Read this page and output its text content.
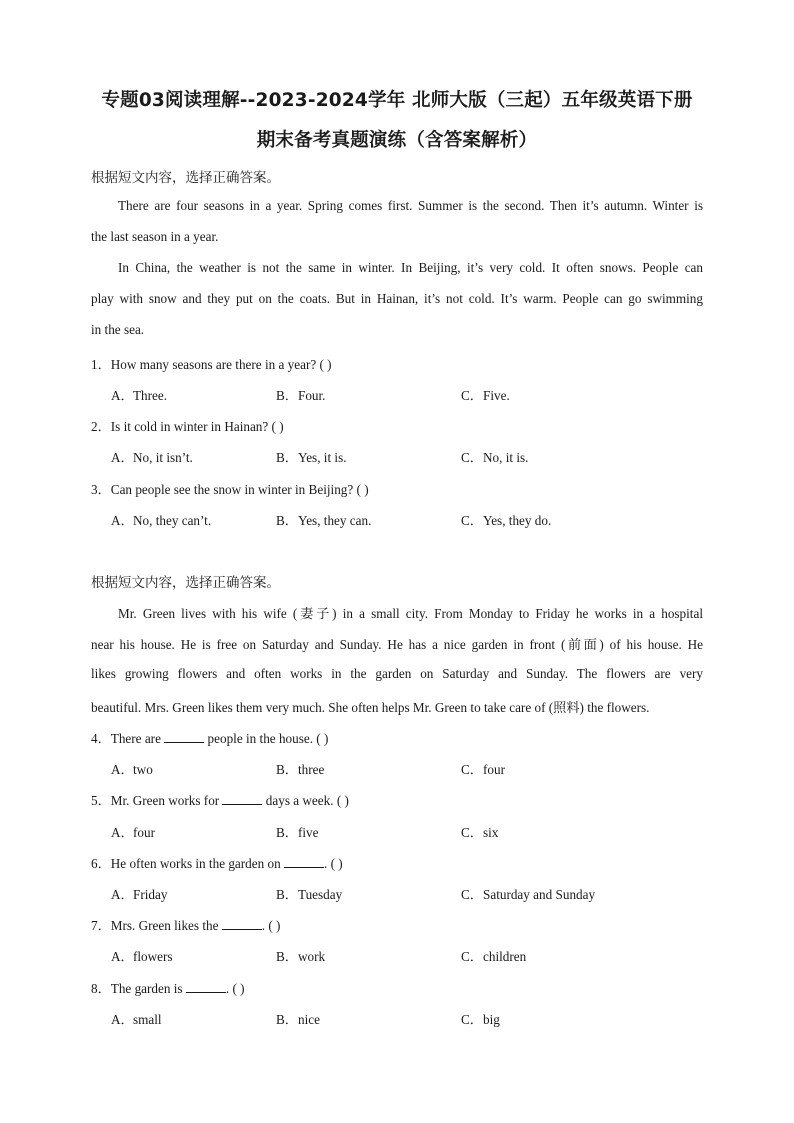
专题03阅读理解--2023-2024学年 北师大版（三起）五年级英语下册
期末备考真题演练（含答案解析）
根据短文内容，选择正确答案。
There are four seasons in a year. Spring comes first. Summer is the second. Then it’s autumn. Winter is
the last season in a year.
In China, the weather is not the same in winter. In Beijing, it’s very cold. It often snows. People can
play with snow and they put on the coats. But in Hainan, it’s not cold. It’s warm. People can go swimming
in the sea.
1．How many seasons are there in a year? ( )
A．Three.	B．Four.	C．Five.
2．Is it cold in winter in Hainan? ( )
A．No, it isn’t.	B．Yes, it is.	C．No, it is.
3．Can people see the snow in winter in Beijing? ( )
A．No, they can’t.	B．Yes, they can.	C．Yes, they do.
根据短文内容，选择正确答案。
Mr. Green lives with his wife (妻子) in a small city. From Monday to Friday he works in a hospital
near his house. He is free on Saturday and Sunday. He has a nice garden in front (前面) of his house. He
likes growing flowers and often works in the garden on Saturday and Sunday. The flowers are very
beautiful. Mrs. Green likes them very much. She often helps Mr. Green to take care of (照料) the flowers.
4．There are	people in the house. ( )
A．two	B．three	C．four
5．Mr. Green works for	days a week. ( )
A．four	B．five	C．six
6．He often works in the garden on	. ( )
A．Friday	B．Tuesday	C．Saturday and Sunday
7．Mrs. Green likes the	. ( )
A．flowers	B．work	C．children
8．The garden is	. ( )
A．small	B．nice	C．big
